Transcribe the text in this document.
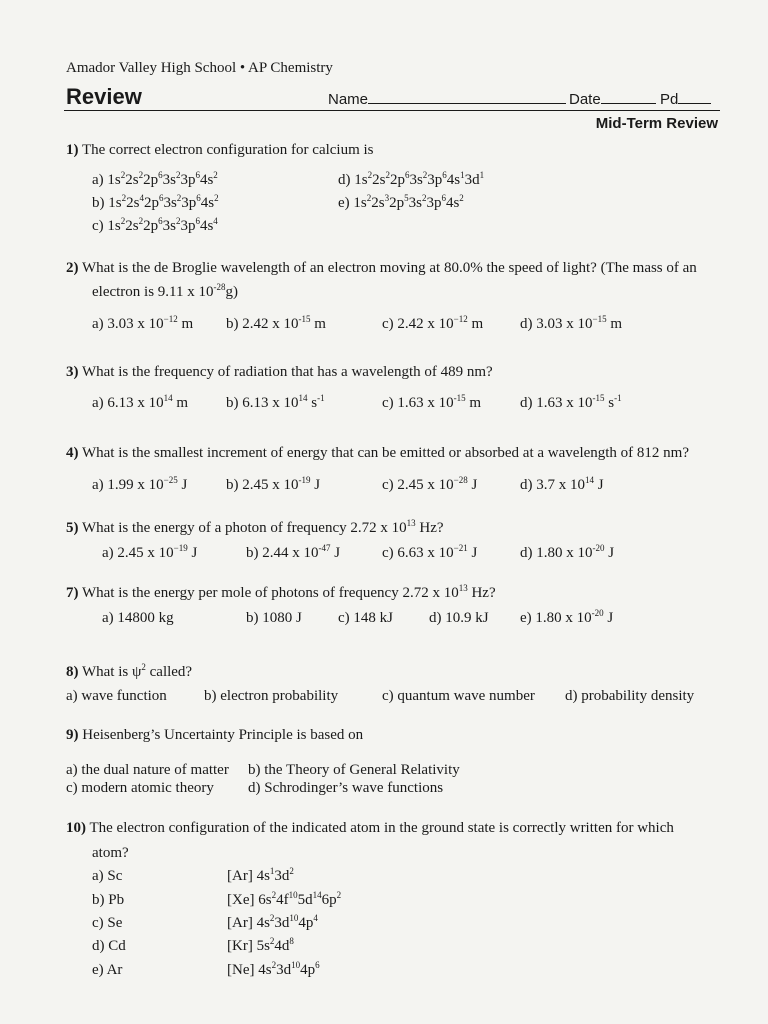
Amador Valley High School • AP Chemistry
Review	Name	Date	Pd
Mid-Term Review
1) The correct electron configuration for calcium is
a) $1s^22s^22p^63s^23p^64s^2$
b) $1s^22s^42p^63s^23p^64s^2$
c) $1s^22s^22p^63s^23p^64s^4$
d) $1s^22s^22p^63s^23p^64s^13d^1$
e) $1s^22s^32p^53s^23p^64s^2$
2) What is the de Broglie wavelength of an electron moving at 80.0% the speed of light? (The mass of an
electron is 9.11 x $10^{-28}g$)
a) 3.03 x $10^{-12}$ m b) 2.42 x $10^{-15}$ m	c) 2.42 x $10^{-12}$ m d) 3.03 x $10^{-15}$ m
3) What is the frequency of radiation that has a wavelength of 489 nm?
a) 6.13 x $10^{14}$ m	b) 6.13 x $10^{14}$ $s^{-1}$	c) 1.63 x $10^{-15}$ m	d) 1.63 x $10^{-15}$ $s^{-1}$
4) What is the smallest increment of energy that can be emitted or absorbed at a wavelength of 812 nm?
a) 1.99 x $10^{-25}$ J	b) 2.45 x $10^{-19}$ J	c) 2.45 x $10^{-28}$ J	d) 3.7 x $10^{14}$ J
5) What is the energy of a photon of frequency 2.72 x $10^{13}$ Hz?
a) 2.45 x $10^{-19}$ J	b) 2.44 x $10^{-47}$ J	c) 6.63 x $10^{-21}$ J	d) 1.80 x $10^{-20}$ J
7) What is the energy per mole of photons of frequency 2.72 x $10^{13}$ Hz?
a) 14800 kg	b) 1080 J c) 148 kJ d) 10.9 kJ e) 1.80 x $10^{-20}$ J
8) What is $\psi^2$ called?
a) wave function b) electron probability	c) quantum wave number d) probability density
9) Heisenberg’s Uncertainty Principle is based on
a) the dual nature of matter b) the Theory of General Relativity
c) modern atomic theory d) Schrodinger’s wave functions
10) The electron configuration of the indicated atom in the ground state is correctly written for which
atom?
a) Sc	[Ar] $4s^13d^2$
b) Pb	[Xe] $6s^24f^{10}5d^{14}6p^2$
c) Se	[Ar] $4s^23d^{10}4p^4$
d) Cd	[Kr] $5s^24d^8$
e) Ar	[Ne] $4s^23d^{10}4p^6$
